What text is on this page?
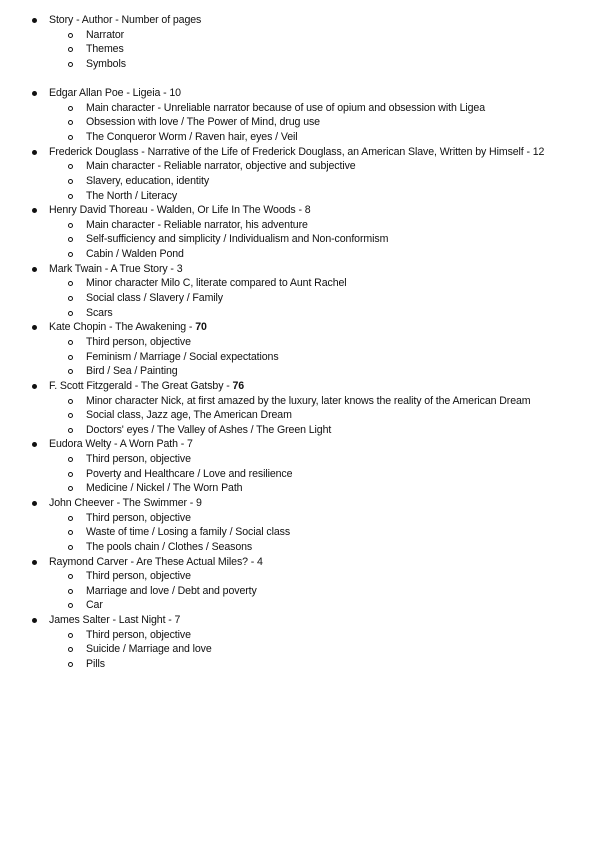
Story - Author - Number of pages
Narrator
Themes
Symbols
Edgar Allan Poe - Ligeia - 10
Main character - Unreliable narrator because of use of opium and obsession with Ligea
Obsession with love / The Power of Mind, drug use
The Conqueror Worm / Raven hair, eyes / Veil
Frederick Douglass - Narrative of the Life of Frederick Douglass, an American Slave, Written by Himself - 12
Main character - Reliable narrator, objective and subjective
Slavery, education, identity
The North / Literacy
Henry David Thoreau - Walden, Or Life In The Woods - 8
Main character - Reliable narrator, his adventure
Self-sufficiency and simplicity / Individualism and Non-conformism
Cabin / Walden Pond
Mark Twain - A True Story - 3
Minor character Milo C, literate compared to Aunt Rachel
Social class / Slavery / Family
Scars
Kate Chopin - The Awakening - 70
Third person, objective
Feminism / Marriage / Social expectations
Bird / Sea / Painting
F. Scott Fitzgerald - The Great Gatsby - 76
Minor character Nick, at first amazed by the luxury, later knows the reality of the American Dream
Social class, Jazz age, The American Dream
Doctors' eyes / The Valley of Ashes / The Green Light
Eudora Welty - A Worn Path - 7
Third person, objective
Poverty and Healthcare / Love and resilience
Medicine / Nickel / The Worn Path
John Cheever - The Swimmer - 9
Third person, objective
Waste of time / Losing a family / Social class
The pools chain / Clothes / Seasons
Raymond Carver - Are These Actual Miles? - 4
Third person, objective
Marriage and love / Debt and poverty
Car
James Salter - Last Night - 7
Third person, objective
Suicide / Marriage and love
Pills
